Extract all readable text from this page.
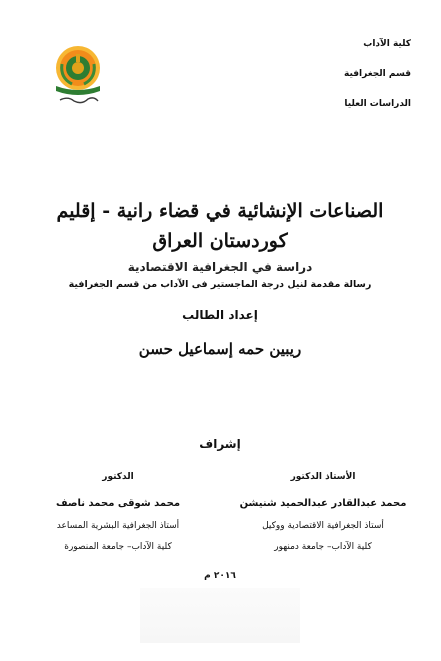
كلية الآداب
قسم الجغرافية
الدراسات العليا
الصناعات الإنشائية في قضاء رانية - إقليم
كوردستان العراق
دراسة في الجغرافية الاقتصادية
رسالة مقدمة لنيل درجة الماجستير فى الآداب من قسم الجغرافية
إعداد الطالب
ريبين حمه إسماعيل حسن
إشراف
الأستاذ الدكتور
محمد عبدالقادر عبدالحميد شنيشن
أستاذ الجغرافية الاقتصادية ووكيل
كلية الآداب– جامعة دمنهور
الدكتور
محمد شوقى محمد ناصف
أستاذ الجغرافية البشرية المساعد
كلية الآداب– جامعة المنصورة
٢٠١٦ م
